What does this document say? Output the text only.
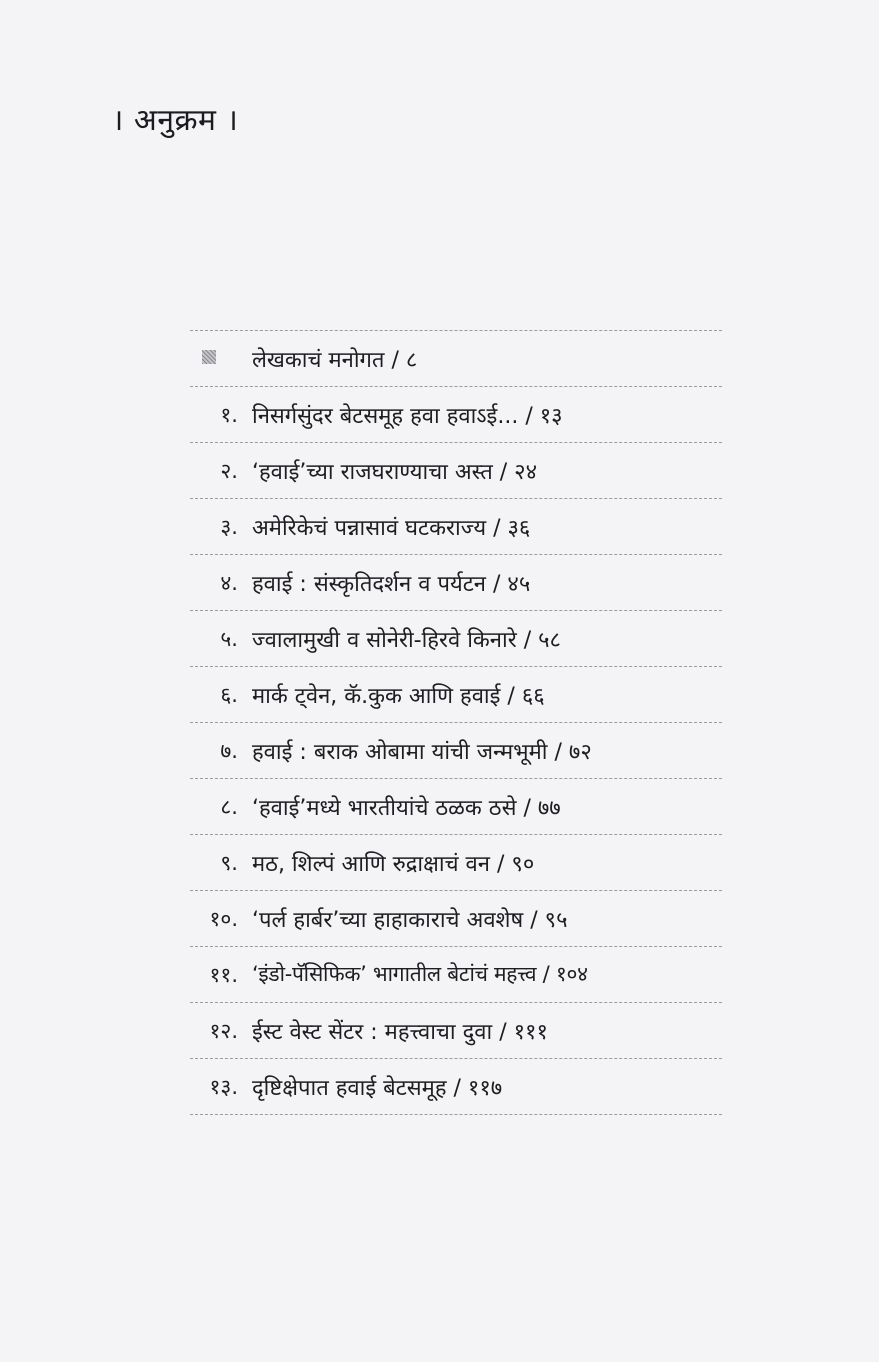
। अनुक्रम ।
लेखकाचं मनोगत / ८
१. निसर्गसुंदर बेटसमूह हवा हवाऽई... / १३
२. ‘हवाई’च्या राजघराण्याचा अस्त / २४
३. अमेरिकेचं पन्नासावं घटकराज्य / ३६
४. हवाई : संस्कृतिदर्शन व पर्यटन / ४५
५. ज्वालामुखी व सोनेरी-हिरवे किनारे / ५८
६. मार्क ट्वेन, कॅ.कुक आणि हवाई / ६६
७. हवाई : बराक ओबामा यांची जन्मभूमी / ७२
८. ‘हवाई’मध्ये भारतीयांचे ठळक ठसे / ७७
९. मठ, शिल्पं आणि रुद्राक्षाचं वन / ९०
१०. ‘पर्ल हार्बर’च्या हाहाकाराचे अवशेष / ९५
११. ‘इंडो-पॅसिफिक’ भागातील बेटांचं महत्त्व / १०४
१२. ईस्ट वेस्ट सेंटर : महत्त्वाचा दुवा / १११
१३. दृष्टिक्षेपात हवाई बेटसमूह / ११७
